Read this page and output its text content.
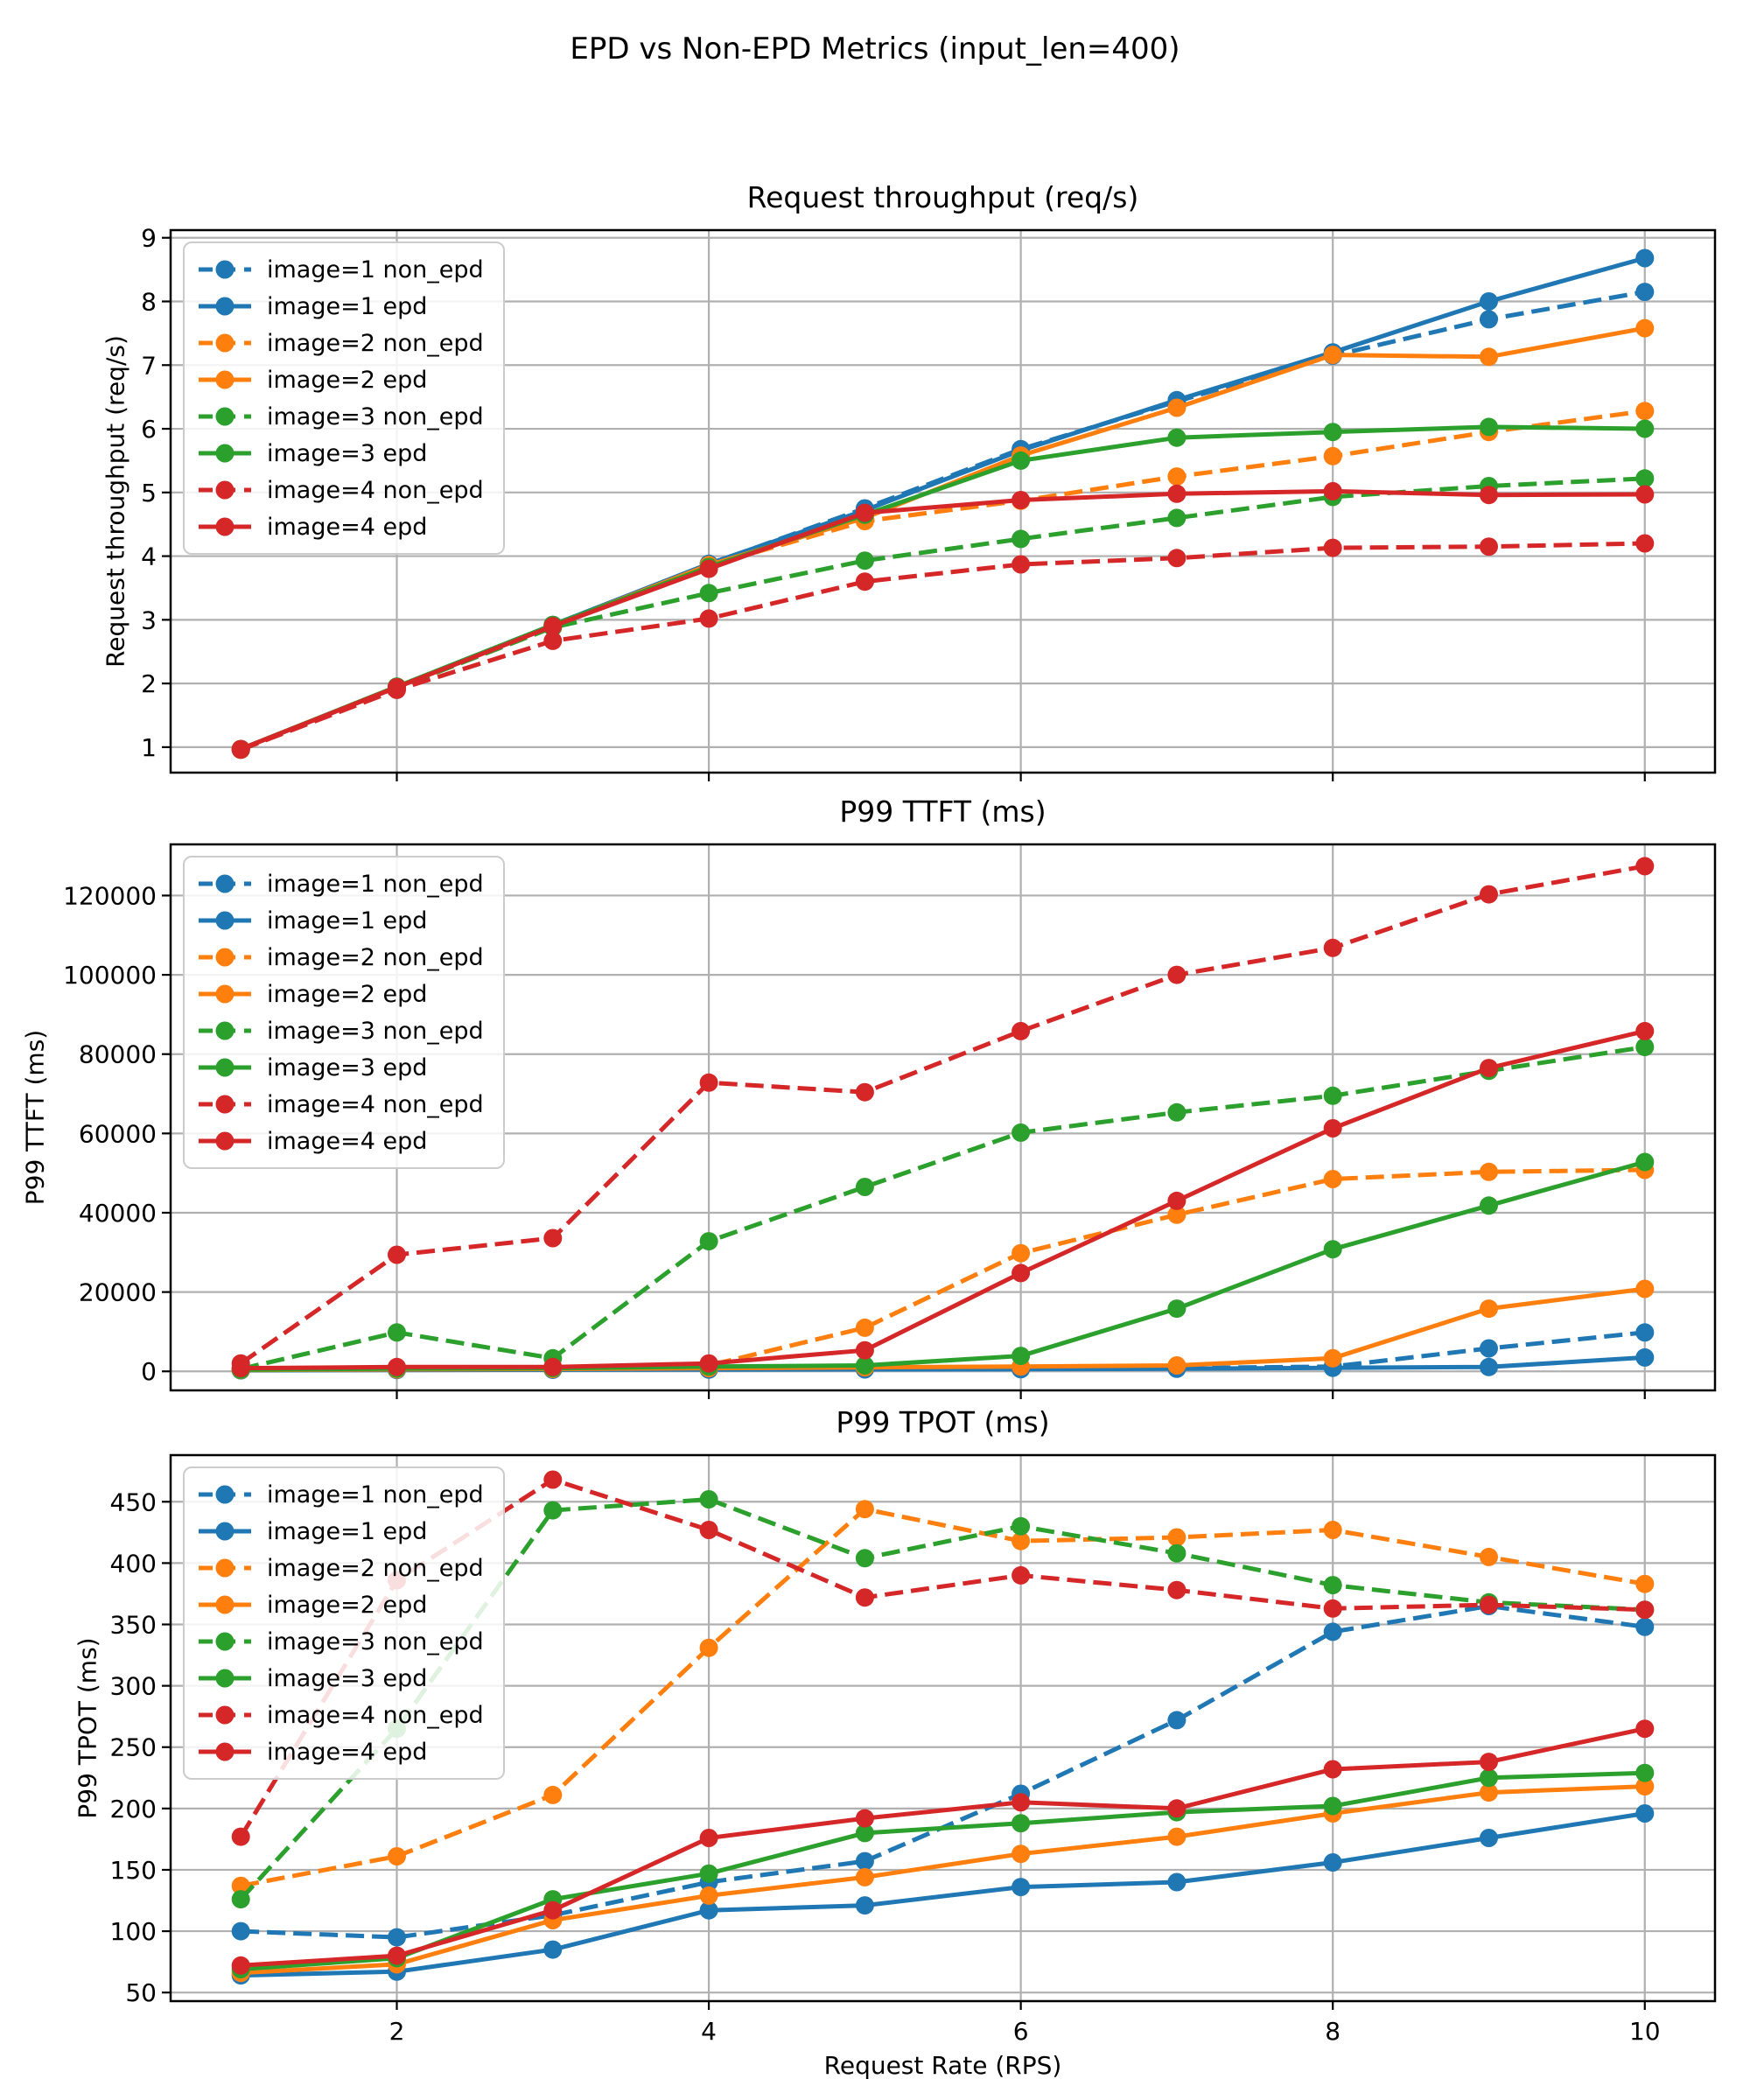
EPD vs Non-EPD Metrics (input_len=400)
1
2
3
4
5
6
7
8
9
0
20000
40000
60000
80000
100000
120000
50
100
150
200
250
300
350
400
450
2	4	6	8	10
Request throughput (req/s)
P99 TTFT (ms)
P99 TPOT (ms)
Request throughput (req/s)
P99 TTFT (ms)
P99 TPOT (ms)
Request Rate (RPS)
image=1 non_epd
image=1 epd
image=2 non_epd
image=2 epd
image=3 non_epd
image=3 epd
image=4 non_epd
image=4 epd
image=1 non_epd
image=1 epd
image=2 non_epd
image=2 epd
image=3 non_epd
image=3 epd
image=4 non_epd
image=4 epd
image=1 non_epd
image=1 epd
image=2 non_epd
image=2 epd
image=3 non_epd
image=3 epd
image=4 non_epd
image=4 epd
